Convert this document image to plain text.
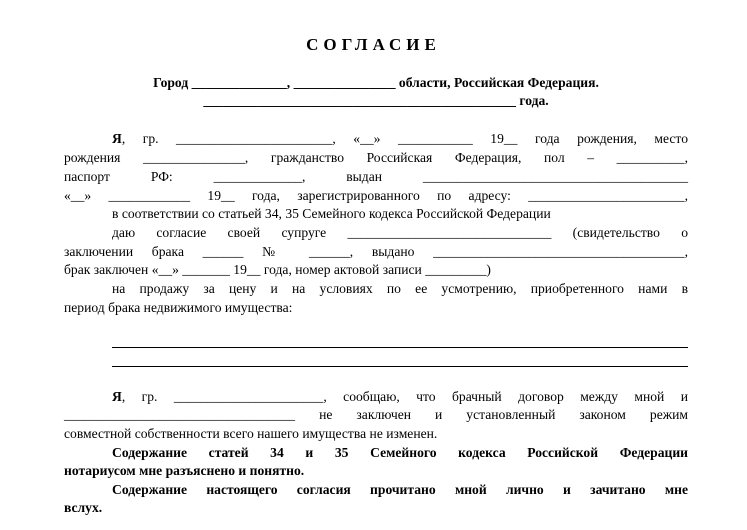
СОГЛАСИЕ
Город ______________, _______________ области, Российская Федерация.
______________________________________________ года.
Я, гр. _______________________, «__» ___________ 19__ года рождения, место
рождения _______________, гражданство Российская Федерация, пол – __________,
паспорт РФ: _____________, выдан _______________________________________
«__» ____________ 19__ года, зарегистрированного по адресу: _______________________,
в соответствии со статьей 34, 35 Семейного кодекса Российской Федерации
даю согласие своей супруге ______________________________ (свидетельство о
заключении брака ______ № ______, выдано _____________________________________,
брак заключен «__» _______ 19__ года, номер актовой записи _________)
на продажу за цену и на условиях по ее усмотрению, приобретенного нами в
период брака недвижимого имущества:
Я, гр. ______________________, сообщаю, что брачный договор между мной и
__________________________________ не заключен и установленный законом режим
совместной собственности всего нашего имущества не изменен.
Содержание статей 34 и 35 Семейного кодекса Российской Федерации
нотариусом мне разъяснено и понятно.
Содержание настоящего согласия прочитано мной лично и зачитано мне
вслух.
